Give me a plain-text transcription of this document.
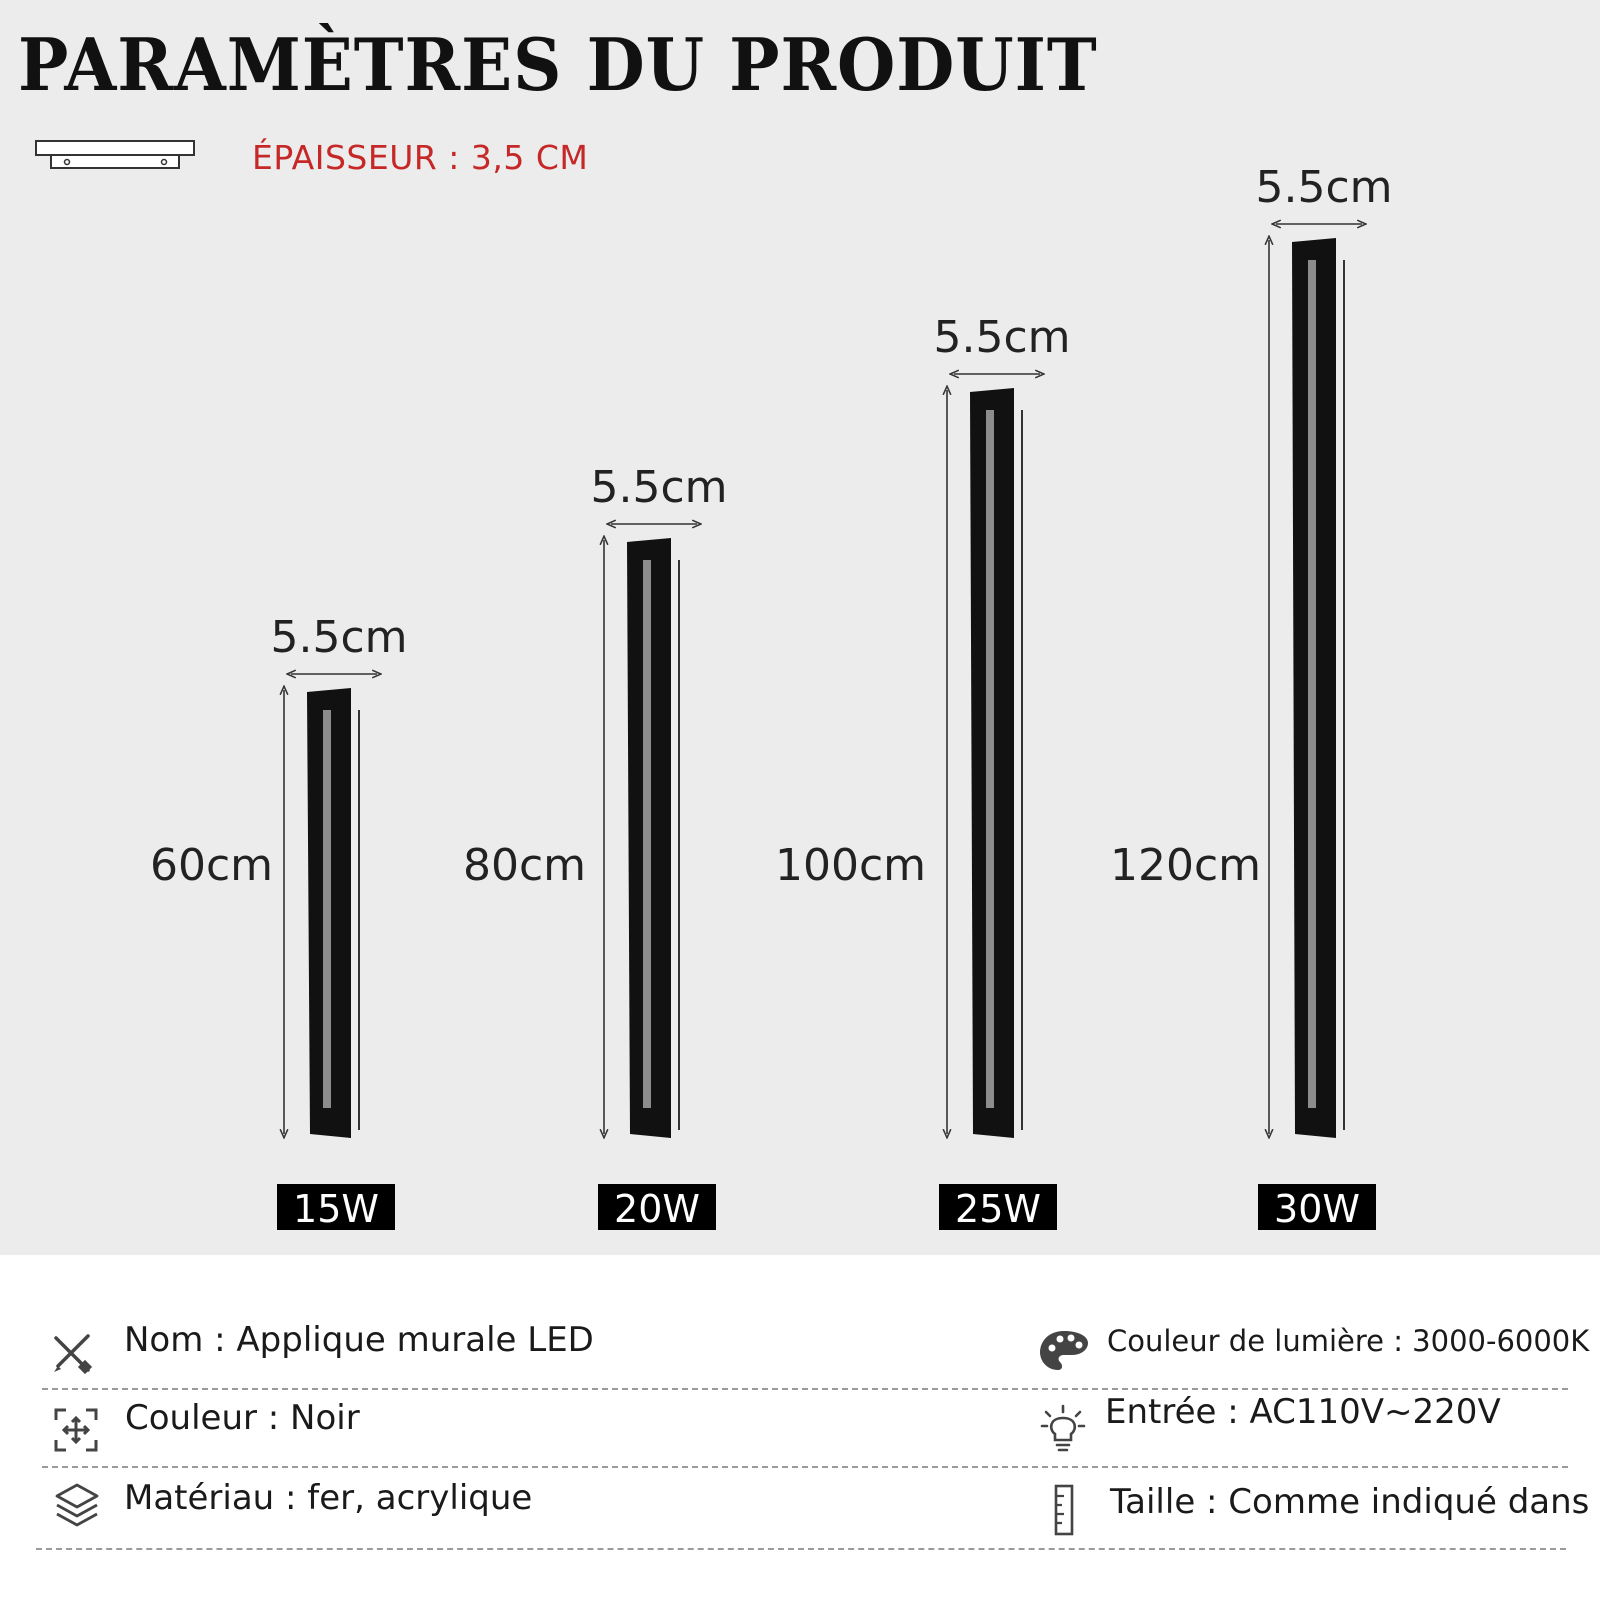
PARAMÈTRES DU PRODUIT
ÉPAISSEUR : 3,5 CM
5.5cm
60cm
15W
5.5cm
80cm
20W
5.5cm
100cm
25W
5.5cm
120cm
30W
Nom : Applique murale LED	Couleur de lumière : 3000-6000K
Couleur : Noir	Entrée : AC110V~220V
Matériau : fer, acrylique	Taille : Comme indiqué dans
